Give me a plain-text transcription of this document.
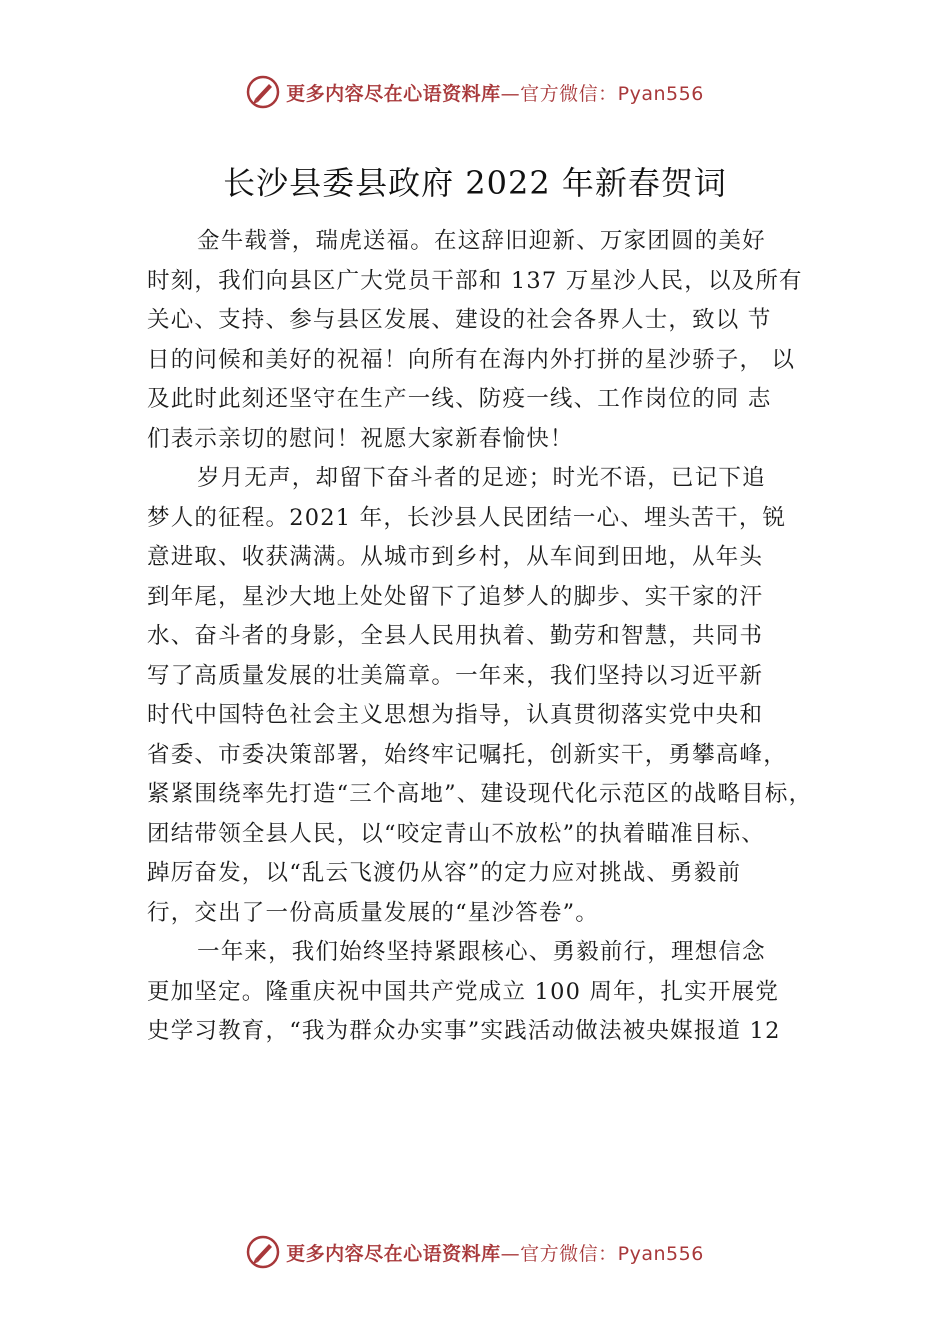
更多内容尽在心语资料库—官方微信：Pyan556
长沙县委县政府 2022 年新春贺词
金牛载誉，瑞虎送福。在这辞旧迎新、万家团圆的美好
时刻，我们向县区广大党员干部和 137 万星沙人民，以及所有
关心、支持、参与县区发展、建设的社会各界人士，致以 节
日的问候和美好的祝福！向所有在海内外打拼的星沙骄子， 以
及此时此刻还坚守在生产一线、防疫一线、工作岗位的同 志
们表示亲切的慰问！祝愿大家新春愉快！
岁月无声，却留下奋斗者的足迹；时光不语，已记下追
梦人的征程。2021 年，长沙县人民团结一心、埋头苦干，锐
意进取、收获满满。从城市到乡村，从车间到田地，从年头
到年尾，星沙大地上处处留下了追梦人的脚步、实干家的汗
水、奋斗者的身影，全县人民用执着、勤劳和智慧，共同书
写了高质量发展的壮美篇章。一年来，我们坚持以习近平新
时代中国特色社会主义思想为指导，认真贯彻落实党中央和
省委、市委决策部署，始终牢记嘱托，创新实干，勇攀高峰，
紧紧围绕率先打造“三个高地”、建设现代化示范区的战略目标，
团结带领全县人民，以“咬定青山不放松”的执着瞄准目标、
踔厉奋发，以“乱云飞渡仍从容”的定力应对挑战、勇毅前
行，交出了一份高质量发展的“星沙答卷”。
一年来，我们始终坚持紧跟核心、勇毅前行，理想信念
更加坚定。隆重庆祝中国共产党成立 100 周年，扎实开展党
史学习教育，“我为群众办实事”实践活动做法被央媒报道 12
更多内容尽在心语资料库—官方微信：Pyan556
